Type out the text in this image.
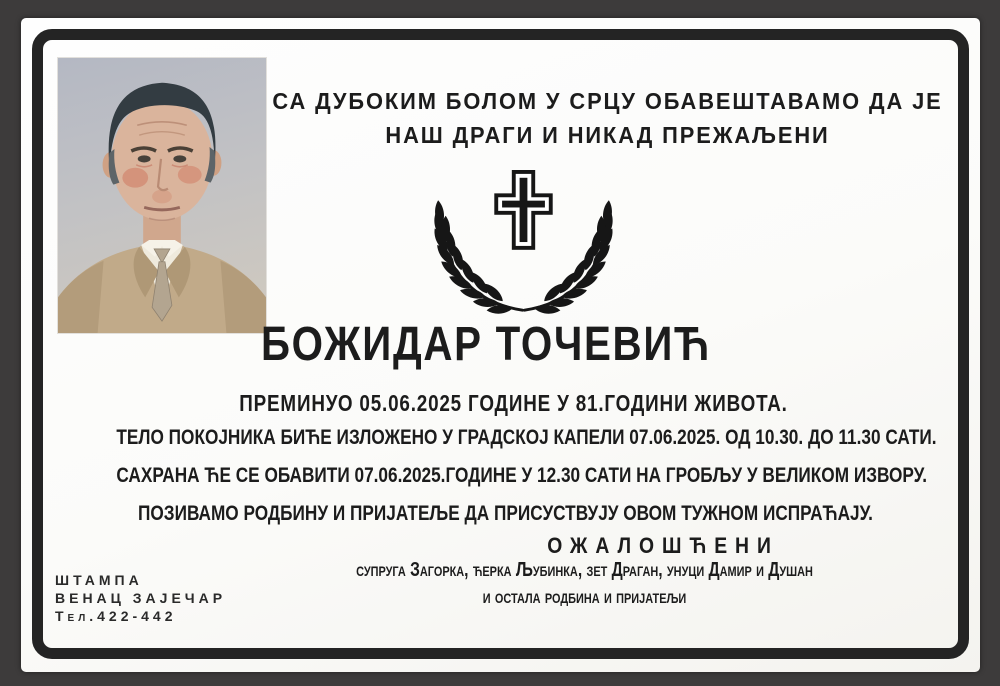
СА ДУБОКИМ БОЛОМ У СРЦУ ОБАВЕШТАВАМО ДА ЈЕ
НАШ ДРАГИ И НИКАД ПРЕЖАЉЕНИ
БОЖИДАР ТОЧЕВИЋ
ПРЕМИНУО 05.06.2025 ГОДИНЕ У 81.ГОДИНИ ЖИВОТА.
ТЕЛО ПОКОЈНИКА БИЋЕ ИЗЛОЖЕНО У ГРАДСКОЈ КАПЕЛИ 07.06.2025. ОД 10.30. ДО 11.30 САТИ.
САХРАНА ЋЕ СЕ ОБАВИТИ 07.06.2025.ГОДИНЕ У 12.30 САТИ НА ГРОБЉУ У ВЕЛИКОМ ИЗВОРУ.
ПОЗИВАМО РОДБИНУ И ПРИЈАТЕЉЕ ДА ПРИСУСТВУЈУ ОВОМ ТУЖНОМ ИСПРАЋАЈУ.
ОЖАЛОШЋЕНИ
супруга Загорка, ћерка Љубинка, зет Драган, унуци Дамир и Душан
и остала родбина и пријатељи
ШТАМПА
ВЕНАЦ ЗАЈЕЧАР
Тел.422-442
